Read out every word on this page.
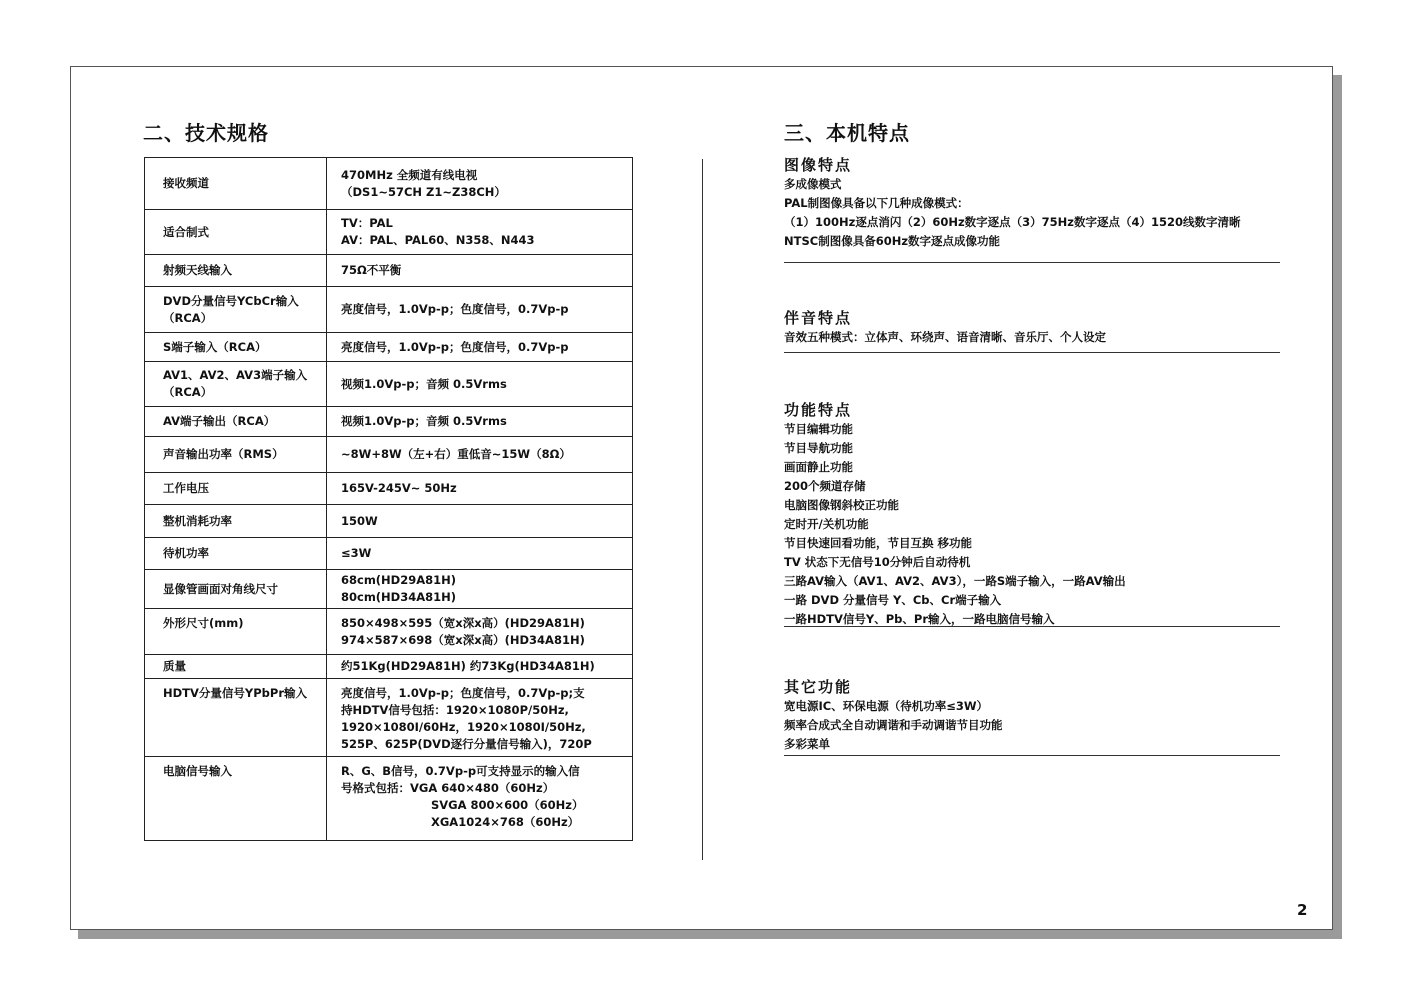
二、技术规格
接收频道	470MHz 全频道有线电视
（DS1~57CH Z1~Z38CH）

适合制式	TV：PAL
AV：PAL、PAL60、N358、N443

射频天线输入	75Ω不平衡

DVD分量信号YCbCr输入（RCA）	亮度信号，1.0Vp-p；色度信号，0.7Vp-p

S端子输入（RCA）	亮度信号，1.0Vp-p；色度信号，0.7Vp-p

AV1、AV2、AV3端子输入（RCA）	视频1.0Vp-p；音频 0.5Vrms

AV端子输出（RCA）	视频1.0Vp-p；音频 0.5Vrms

声音输出功率（RMS）	~8W+8W（左+右）重低音~15W（8Ω）

工作电压	165V-245V~ 50Hz

整机消耗功率	150W

待机功率	≤3W

显像管画面对角线尺寸	68cm(HD29A81H)
80cm(HD34A81H)

外形尺寸(mm)	850×498×595（宽x深x高）(HD29A81H)
974×587×698（宽x深x高）(HD34A81H)

质量	约51Kg(HD29A81H) 约73Kg(HD34A81H)

HDTV分量信号YPbPr输入	亮度信号，1.0Vp-p；色度信号，0.7Vp-p;支
持HDTV信号包括：1920×1080P/50Hz,
1920×1080I/60Hz，1920×1080I/50Hz,
525P、625P(DVD逐行分量信号输入)，720P

电脑信号输入	R、G、B信号，0.7Vp-p可支持显示的输入信
号格式包括：VGA 640×480（60Hz）
SVGA 800×600（60Hz）
XGA1024×768（60Hz）
三、本机特点
图像特点
多成像模式
PAL制图像具备以下几种成像模式：
（1）100Hz逐点消闪（2）60Hz数字逐点（3）75Hz数字逐点（4）1520线数字清晰
NTSC制图像具备60Hz数字逐点成像功能
伴音特点
音效五种模式：立体声、环绕声、语音清晰、音乐厅、个人设定
功能特点
节目编辑功能
节目导航功能
画面静止功能
200个频道存储
电脑图像钢斜校正功能
定时开/关机功能
节目快速回看功能，节目互换 移功能
TV 状态下无信号10分钟后自动待机
三路AV输入（AV1、AV2、AV3），一路S端子输入，一路AV输出
一路 DVD 分量信号 Y、Cb、Cr端子输入
一路HDTV信号Y、Pb、Pr输入，一路电脑信号输入
其它功能
宽电源IC、环保电源（待机功率≤3W）
频率合成式全自动调谐和手动调谐节目功能
多彩菜单
2
